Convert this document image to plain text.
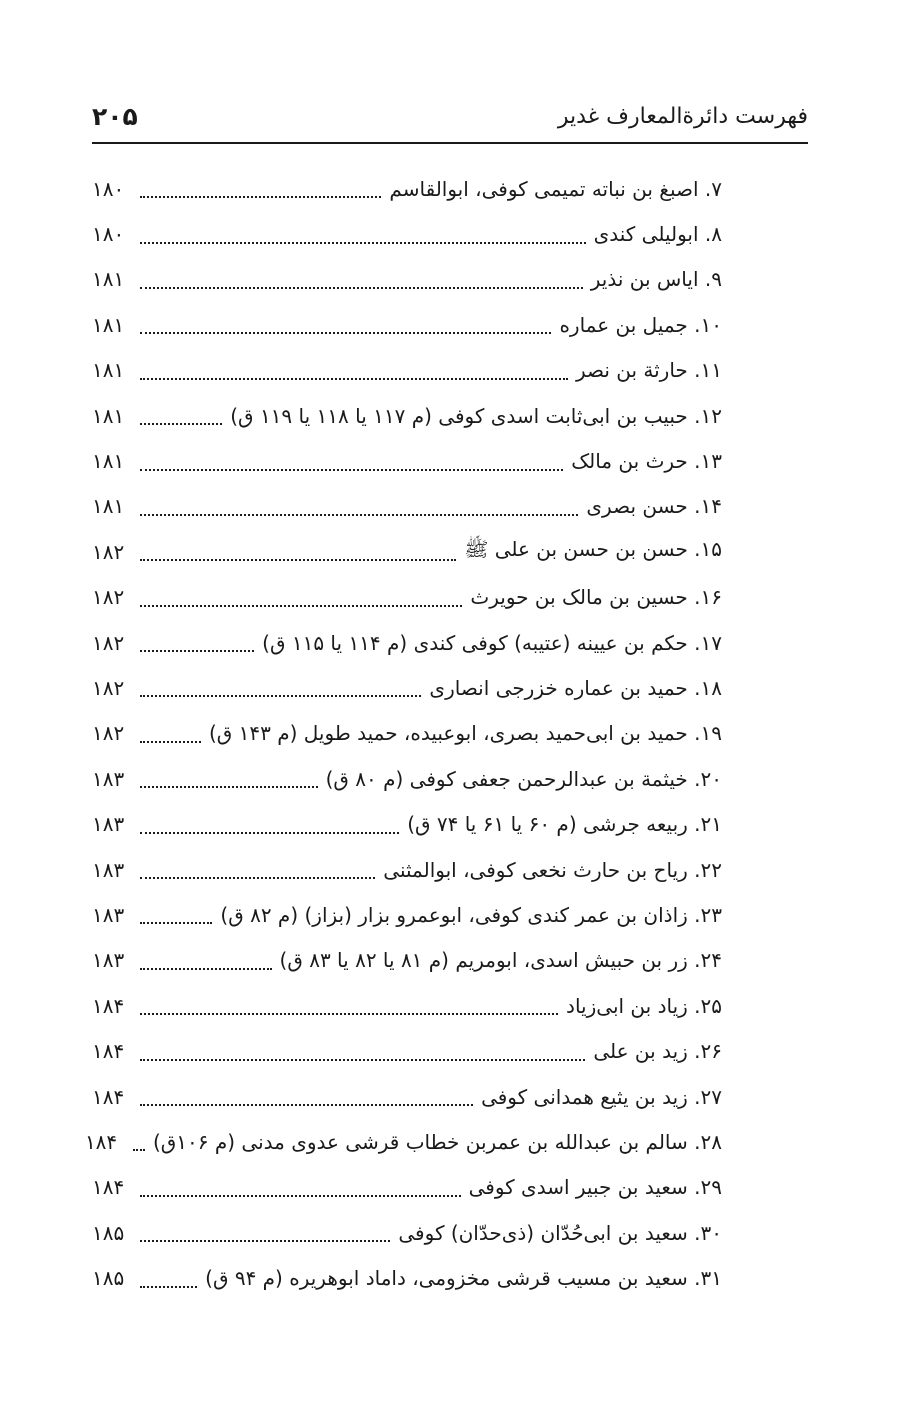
فهرست دائرةالمعارف غدیر
۲۰۵
۷. اصبغ بن نباته تمیمی کوفی، ابوالقاسم
۱۸۰
۸. ابولیلی کندی
۱۸۰
۹. ایاس بن نذیر
۱۸۱
۱۰. جمیل بن عماره
۱۸۱
۱۱. حارثة بن نصر
۱۸۱
۱۲. حبیب بن ابی‌ثابت اسدی کوفی (م ۱۱۷ یا ۱۱۸ یا ۱۱۹ ق)
۱۸۱
۱۳. حرث بن مالک
۱۸۱
۱۴. حسن بصری
۱۸۱
۱۵. حسن بن حسن بن علی ﷺ
۱۸۲
۱۶. حسین بن مالک بن حویرث
۱۸۲
۱۷. حکم بن عیینه (عتیبه) کوفی کندی (م ۱۱۴ یا ۱۱۵ ق)
۱۸۲
۱۸. حمید بن عماره خزرجی انصاری
۱۸۲
۱۹. حمید بن ابی‌حمید بصری، ابوعبیده، حمید طویل (م ۱۴۳ ق)
۱۸۲
۲۰. خیثمة بن عبدالرحمن جعفی کوفی (م ۸۰ ق)
۱۸۳
۲۱. ربیعه جرشی (م ۶۰ یا ۶۱ یا ۷۴ ق)
۱۸۳
۲۲. ریاح بن حارث نخعی کوفی، ابوالمثنی
۱۸۳
۲۳. زاذان بن عمر کندی کوفی، ابوعمرو بزار (بزاز) (م ۸۲ ق)
۱۸۳
۲۴. زر بن حبیش اسدی، ابومریم (م ۸۱ یا ۸۲ یا ۸۳ ق)
۱۸۳
۲۵. زیاد بن ابی‌زیاد
۱۸۴
۲۶. زید بن علی
۱۸۴
۲۷. زید بن یثیع همدانی کوفی
۱۸۴
۲۸. سالم بن عبدالله بن عمربن خطاب قرشی عدوی مدنی (م ۱۰۶ق)
۱۸۴
۲۹. سعید بن جبیر اسدی کوفی
۱۸۴
۳۰. سعید بن ابی‌حُدّان (ذی‌حدّان) کوفی
۱۸۵
۳۱. سعید بن مسیب قرشی مخزومی، داماد ابوهریره (م ۹۴ ق)
۱۸۵
